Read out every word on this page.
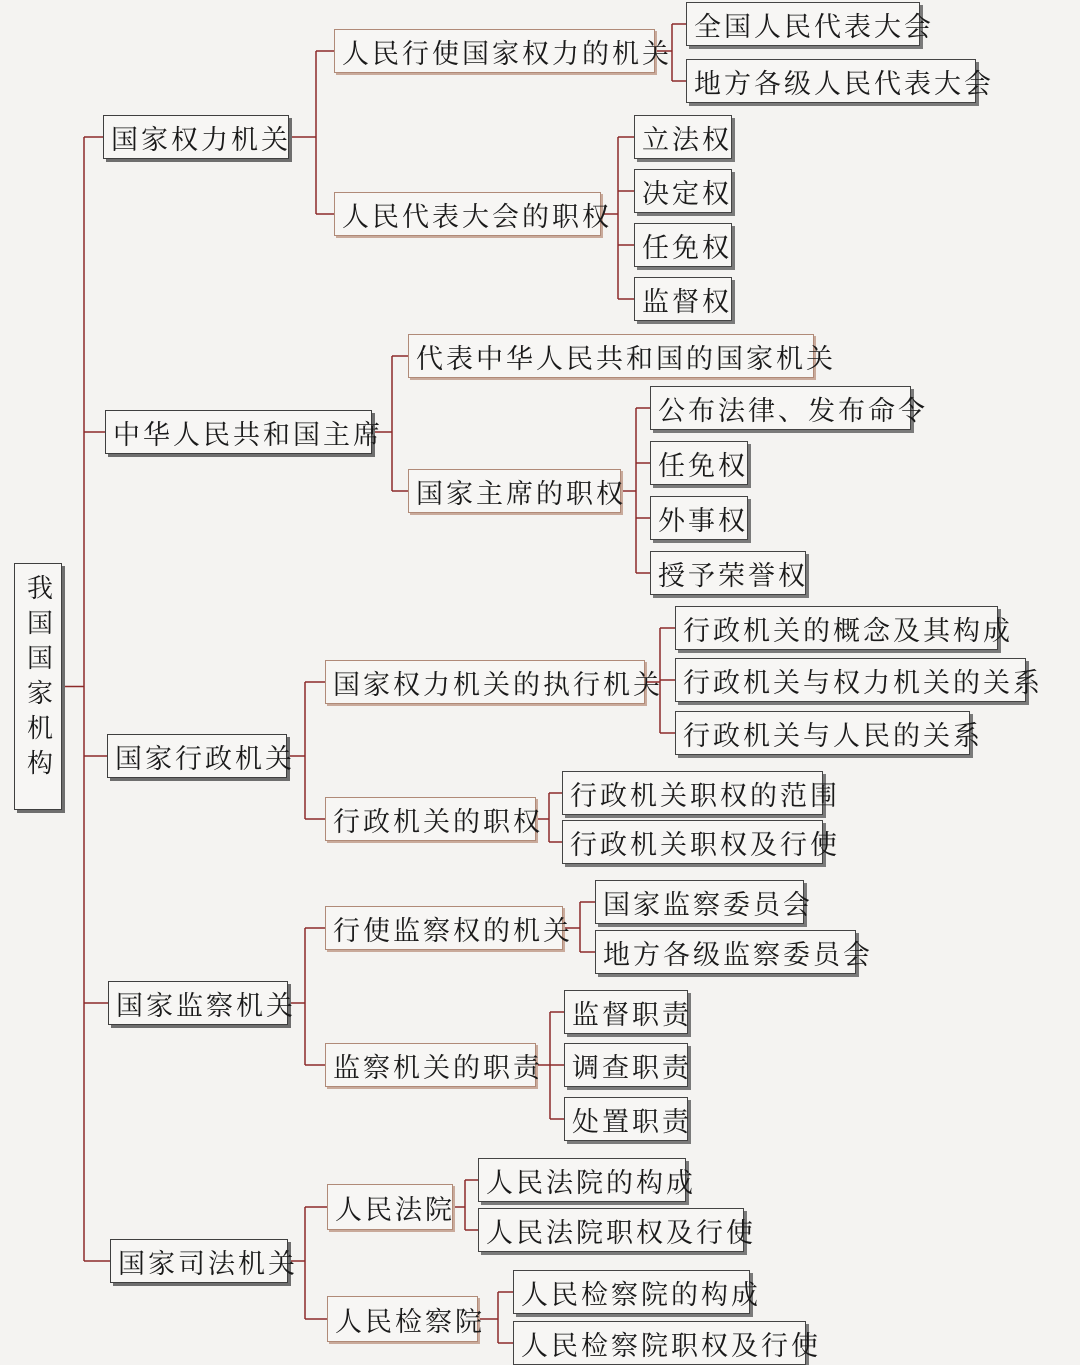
我国国家机构
国家权力机关
中华人民共和国主席
国家行政机关
国家监察机关
国家司法机关
人民行使国家权力的机关
人民代表大会的职权
代表中华人民共和国的国家机关
国家主席的职权
国家权力机关的执行机关
行政机关的职权
行使监察权的机关
监察机关的职责
人民法院
人民检察院
全国人民代表大会
地方各级人民代表大会
立法权
决定权
任免权
监督权
公布法律、发布命令
任免权
外事权
授予荣誉权
行政机关的概念及其构成
行政机关与权力机关的关系
行政机关与人民的关系
行政机关职权的范围
行政机关职权及行使
国家监察委员会
地方各级监察委员会
监督职责
调查职责
处置职责
人民法院的构成
人民法院职权及行使
人民检察院的构成
人民检察院职权及行使
